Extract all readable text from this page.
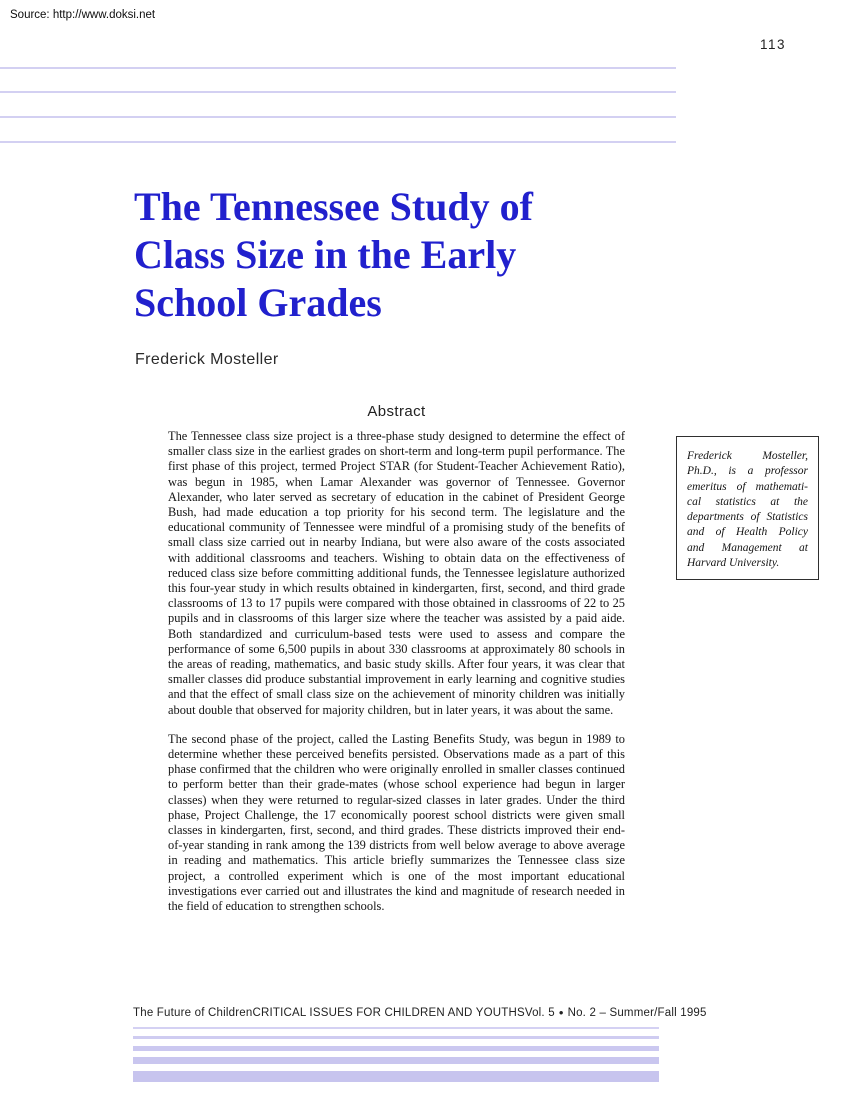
Source: http://www.doksi.net
113
The Tennessee Study of
Class Size in the Early
School Grades
Frederick Mosteller
Abstract

The Tennessee class size project is a three-phase study designed to determine the effect of smaller class size in the earliest grades on short-term and long-term pupil performance. The first phase of this project, termed Project STAR (for Student-Teacher Achievement Ratio), was begun in 1985, when Lamar Alexander was governor of Tennessee. Governor Alexander, who later served as secretary of education in the cabinet of President George Bush, had made education a top priority for his second term. The legislature and the educational community of Tennessee were mindful of a promising study of the benefits of small class size carried out in nearby Indiana, but were also aware of the costs associated with additional classrooms and teachers. Wishing to obtain data on the effectiveness of reduced class size before committing additional funds, the Tennessee legislature authorized this four-year study in which results obtained in kindergarten, first, second, and third grade classrooms of 13 to 17 pupils were compared with those obtained in classrooms of 22 to 25 pupils and in classrooms of this larger size where the teacher was assisted by a paid aide. Both standardized and curriculum-based tests were used to assess and compare the performance of some 6,500 pupils in about 330 classrooms at approximately 80 schools in the areas of reading, mathematics, and basic study skills. After four years, it was clear that smaller classes did produce substantial improvement in early learning and cognitive studies and that the effect of small class size on the achievement of minority children was initially about double that observed for majority children, but in later years, it was about the same.

The second phase of the project, called the Lasting Benefits Study, was begun in 1989 to determine whether these perceived benefits persisted. Observations made as a part of this phase confirmed that the children who were originally enrolled in smaller classes continued to perform better than their grade-mates (whose school experience had begun in larger classes) when they were returned to regular-sized classes in later grades. Under the third phase, Project Challenge, the 17 economically poorest school districts were given small classes in kindergarten, first, second, and third grades. These districts improved their end-of-year standing in rank among the 139 districts from well below average to above average in reading and mathematics. This article briefly summarizes the Tennessee class size project, a controlled experiment which is one of the most important educational investigations ever carried out and illustrates the kind and magnitude of research needed in the field of education to strengthen schools.

Frederick Mosteller,
Ph.D., is a professor
emeritus of mathemati-
cal statistics at the
departments of Statistics
and of Health Policy
and Management at
Harvard University.
The Future of Children CRITICAL ISSUES FOR CHILDREN AND YOUTHS Vol. 5 • No. 2 – Summer/Fall 1995
